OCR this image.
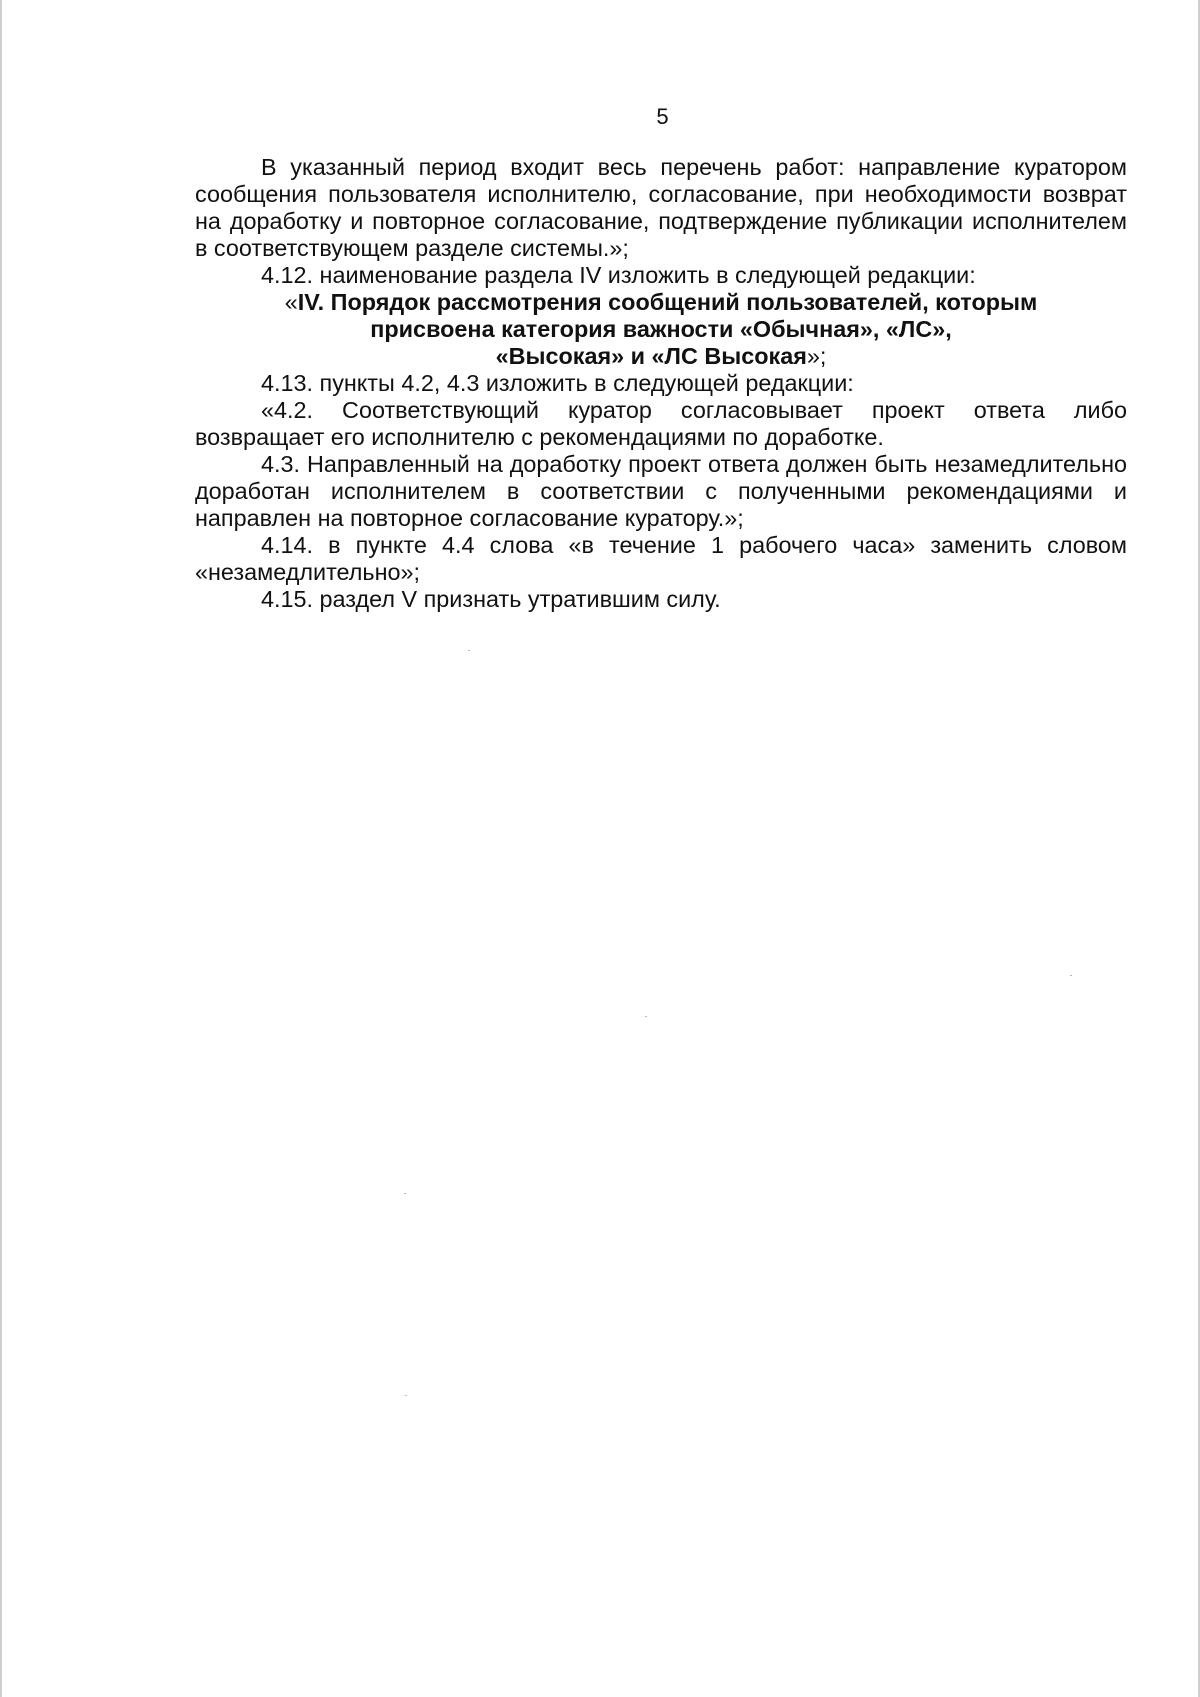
5

В указанный период входит весь перечень работ: направление куратором сообщения пользователя исполнителю, согласование, при необходимости возврат на доработку и повторное согласование, подтверждение публикации исполнителем в соответствующем разделе системы.»;

4.12. наименование раздела IV изложить в следующей редакции:

«IV. Порядок рассмотрения сообщений пользователей, которым
присвоена категория важности «Обычная», «ЛС»,
«Высокая» и «ЛС Высокая»;

4.13. пункты 4.2, 4.3 изложить в следующей редакции:

«4.2. Соответствующий куратор согласовывает проект ответа либо возвращает его исполнителю с рекомендациями по доработке.

4.3. Направленный на доработку проект ответа должен быть незамедлительно доработан исполнителем в соответствии с полученными рекомендациями и направлен на повторное согласование куратору.»;

4.14. в пункте 4.4 слова «в течение 1 рабочего часа» заменить словом «незамедлительно»;

4.15. раздел V признать утратившим силу.
